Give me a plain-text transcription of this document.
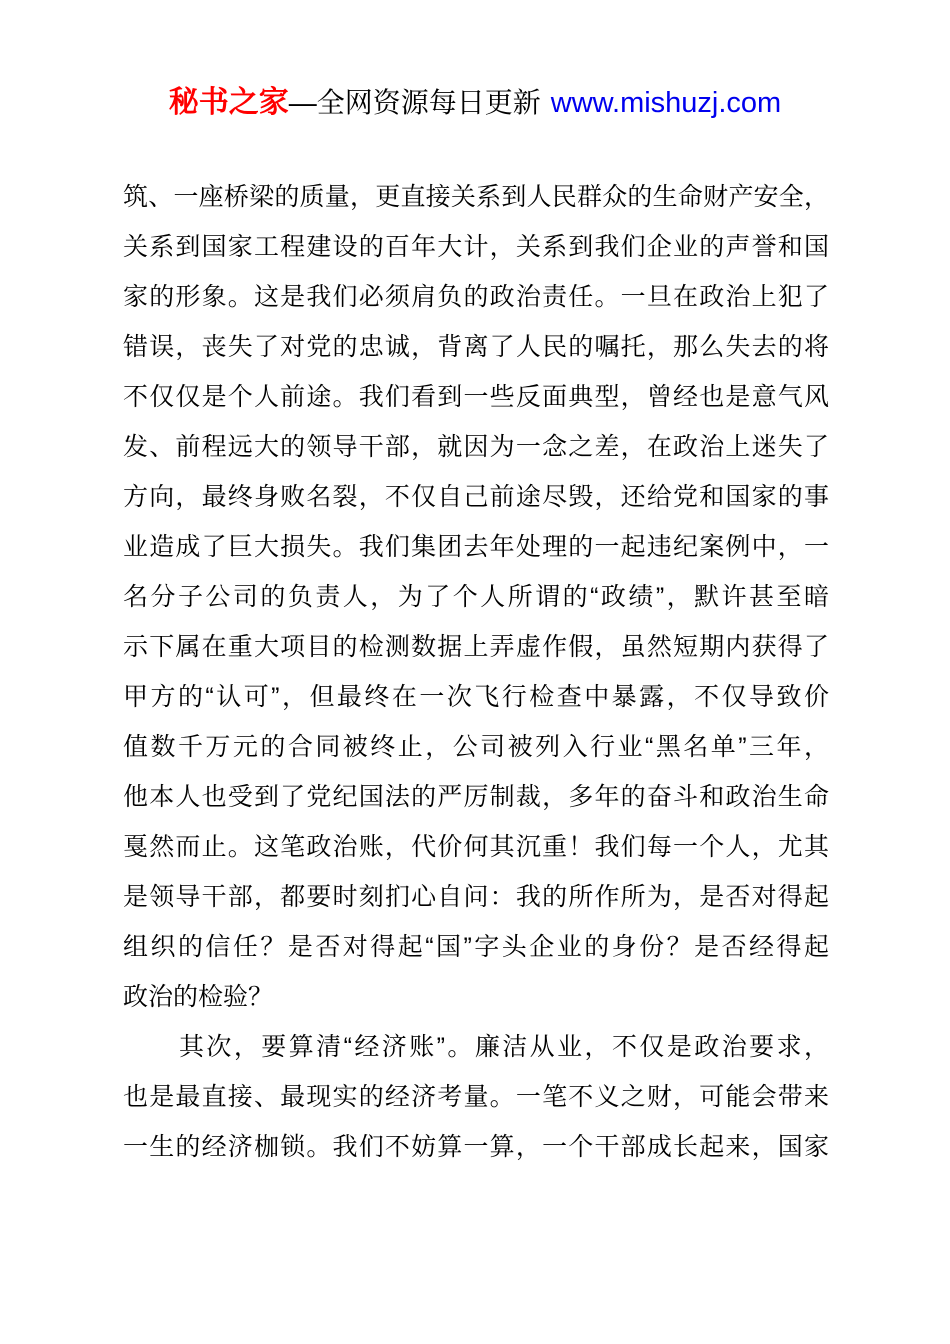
秘书之家—全网资源每日更新 www.mishuzj.com
筑、一座桥梁的质量，更直接关系到人民群众的生命财产安全，
关系到国家工程建设的百年大计，关系到我们企业的声誉和国
家的形象。这是我们必须肩负的政治责任。一旦在政治上犯了
错误，丧失了对党的忠诚，背离了人民的嘱托，那么失去的将
不仅仅是个人前途。我们看到一些反面典型，曾经也是意气风
发、前程远大的领导干部，就因为一念之差，在政治上迷失了
方向，最终身败名裂，不仅自己前途尽毁，还给党和国家的事
业造成了巨大损失。我们集团去年处理的一起违纪案例中，一
名分子公司的负责人，为了个人所谓的“政绩”，默许甚至暗
示下属在重大项目的检测数据上弄虚作假，虽然短期内获得了
甲方的“认可”，但最终在一次飞行检查中暴露，不仅导致价
值数千万元的合同被终止，公司被列入行业“黑名单”三年，
他本人也受到了党纪国法的严厉制裁，多年的奋斗和政治生命
戛然而止。这笔政治账，代价何其沉重！我们每一个人，尤其
是领导干部，都要时刻扪心自问：我的所作所为，是否对得起
组织的信任？是否对得起“国”字头企业的身份？是否经得起
政治的检验？
其次，要算清“经济账”。廉洁从业，不仅是政治要求，
也是最直接、最现实的经济考量。一笔不义之财，可能会带来
一生的经济枷锁。我们不妨算一算，一个干部成长起来，国家
